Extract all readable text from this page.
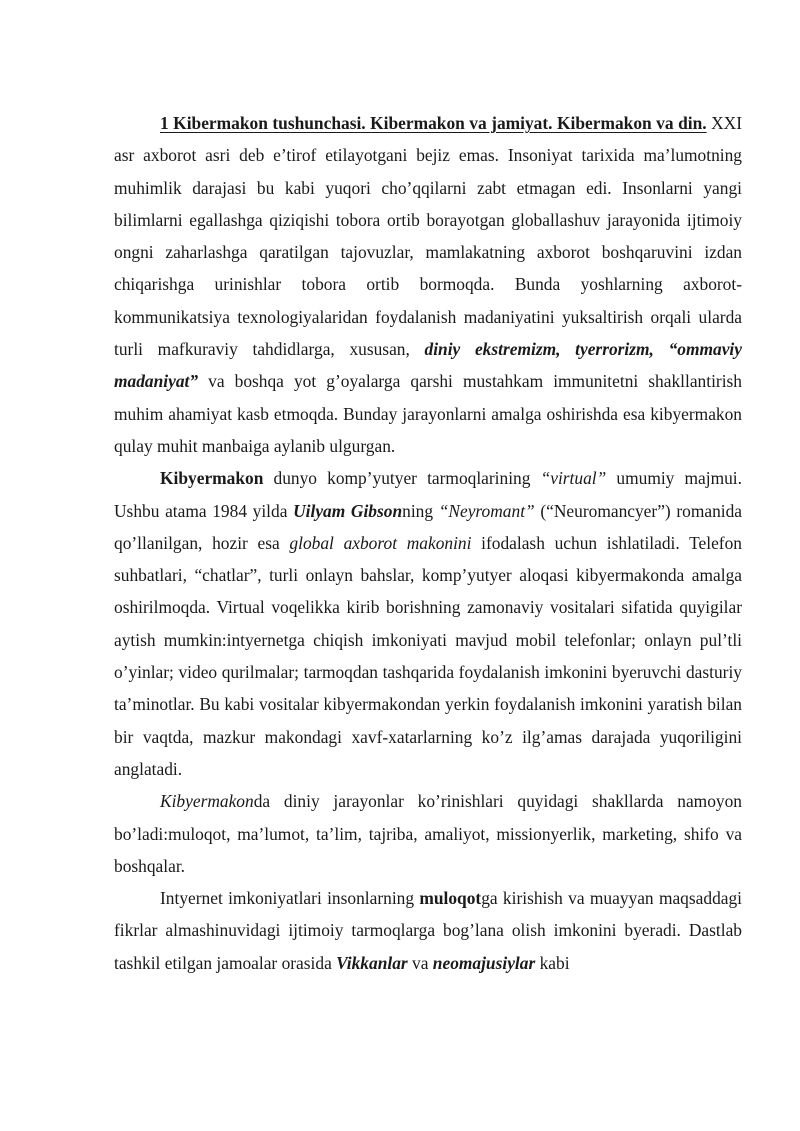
1 Kibermakon tushunchasi. Kibermakon va jamiyat. Kibermakon va din. XXI asr axborot asri deb e’tirof etilayotgani bejiz emas. Insoniyat tarixida ma’lumotning muhimlik darajasi bu kabi yuqori cho’qqilarni zabt etmagan edi. Insonlarni yangi bilimlarni egallashga qiziqishi tobora ortib borayotgan globallashuv jarayonida ijtimoiy ongni zaharlashga qaratilgan tajovuzlar, mamlakatning axborot boshqaruvini izdan chiqarishga urinishlar tobora ortib bormoqda. Bunda yoshlarning axborot-kommunikatsiya texnologiyalaridan foydalanish madaniyatini yuksaltirish orqali ularda turli mafkuraviy tahdidlarga, xususan, diniy ekstremizm, tyerrorizm, “ommaviy madaniyat” va boshqa yot g’oyalarga qarshi mustahkam immunitetni shakllantirish muhim ahamiyat kasb etmoqda. Bunday jarayonlarni amalga oshirishda esa kibyermakon qulay muhit manbaiga aylanib ulgurgan.

Kibyermakon dunyo komp’yutyer tarmoqlarining “virtual” umumiy majmui. Ushbu atama 1984 yilda Uilyam Gibsonning “Neyromant” (“Neuromancyer”) romanida qo’llanilgan, hozir esa global axborot makonini ifodalash uchun ishlatiladi. Telefon suhbatlari, “chatlar”, turli onlayn bahslar, komp’yutyer aloqasi kibyermakonda amalga oshirilmoqda. Virtual voqelikka kirib borishning zamonaviy vositalari sifatida quyigilar aytish mumkin:intyernetga chiqish imkoniyati mavjud mobil telefonlar; onlayn pul’tli o’yinlar; video qurilmalar; tarmoqdan tashqarida foydalanish imkonini byeruvchi dasturiy ta’minotlar. Bu kabi vositalar kibyermakondan yerkin foydalanish imkonini yaratish bilan bir vaqtda, mazkur makondagi xavf-xatarlarning ko’z ilg’amas darajada yuqoriligini anglatadi.

Kibyermakonda diniy jarayonlar ko’rinishlari quyidagi shakllarda namoyon bo’ladi:muloqot, ma’lumot, ta’lim, tajriba, amaliyot, missionyerlik, marketing, shifo va boshqalar.

Intyernet imkoniyatlari insonlarning muloqotga kirishish va muayyan maqsaddagi fikrlar almashinuvidagi ijtimoiy tarmoqlarga bog’lana olish imkonini byeradi. Dastlab tashkil etilgan jamoalar orasida Vikkanlar va neomajusiylar kabi
